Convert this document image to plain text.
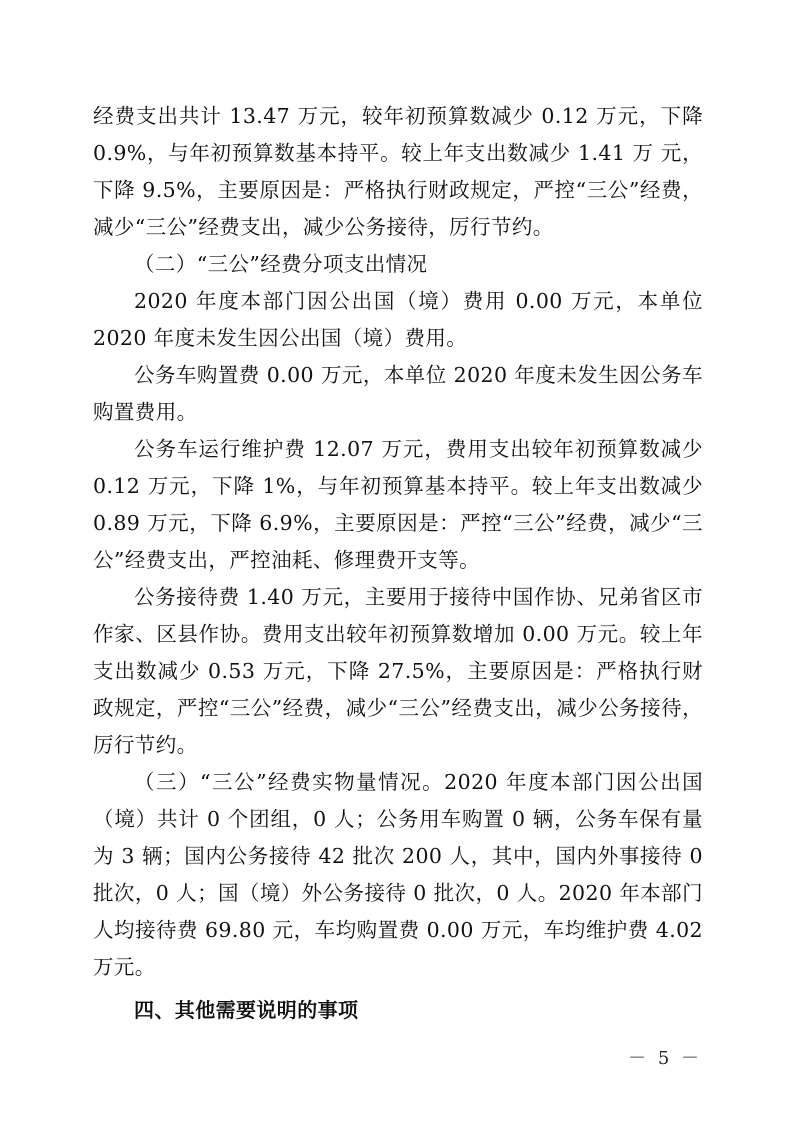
经费支出共计 13.47 万元，较年初预算数减少 0.12 万元，下降 0.9%，与年初预算数基本持平。较上年支出数减少 1.41 万 元，下降 9.5%，主要原因是：严格执行财政规定，严控“三公”经费，减少“三公”经费支出，减少公务接待，厉行节约。

（二）“三公”经费分项支出情况

2020 年度本部门因公出国（境）费用 0.00 万元，本单位 2020 年度未发生因公出国（境）费用。

公务车购置费 0.00 万元，本单位 2020 年度未发生因公务车购置费用。

公务车运行维护费 12.07 万元，费用支出较年初预算数减少 0.12 万元，下降 1%，与年初预算基本持平。较上年支出数减少 0.89 万元，下降 6.9%，主要原因是：严控“三公”经费，减少“三公”经费支出，严控油耗、修理费开支等。

公务接待费 1.40 万元，主要用于接待中国作协、兄弟省区市作家、区县作协。费用支出较年初预算数增加 0.00 万元。较上年支出数减少 0.53 万元，下降 27.5%，主要原因是：严格执行财政规定，严控“三公”经费，减少“三公”经费支出，减少公务接待，厉行节约。

（三）“三公”经费实物量情况。2020 年度本部门因公出国（境）共计 0 个团组，0 人；公务用车购置 0 辆，公务车保有量为 3 辆；国内公务接待 42 批次 200 人，其中，国内外事接待 0 批次，0 人；国（境）外公务接待 0 批次，0 人。2020 年本部门人均接待费 69.80 元，车均购置费 0.00 万元，车均维护费 4.02 万元。

四、其他需要说明的事项

－ 5 －
